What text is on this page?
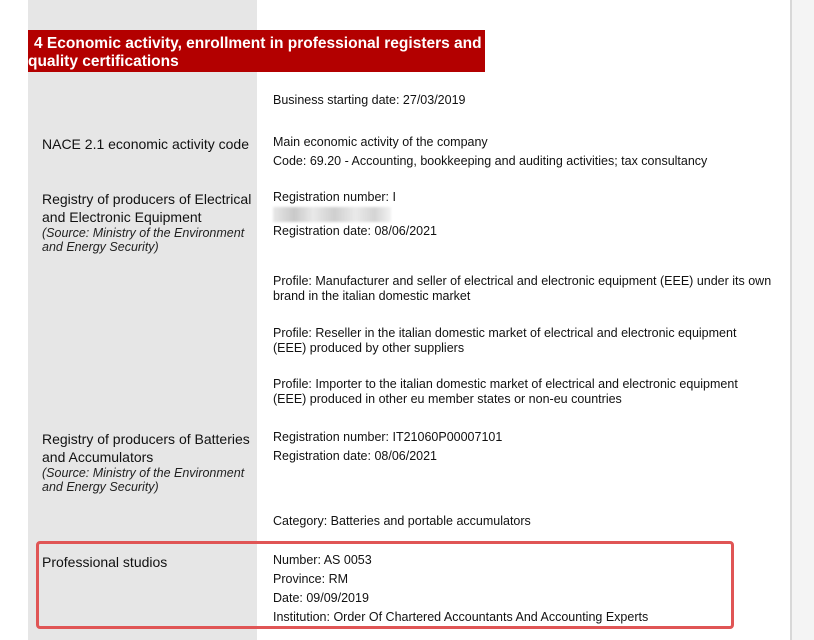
4 Economic activity, enrollment in professional registers and
quality certifications
Business starting date: 27/03/2019
NACE 2.1 economic activity code	Main economic activity of the company
Code: 69.20 - Accounting, bookkeeping and auditing activities; tax consultancy
Registry of producers of Electrical and Electronic Equipment
(Source: Ministry of the Environment and Energy Security)
Registration number: I
Registration date: 08/06/2021
Profile: Manufacturer and seller of electrical and electronic equipment (EEE) under its own brand in the italian domestic market
Profile: Reseller in the italian domestic market of electrical and electronic equipment (EEE) produced by other suppliers
Profile: Importer to the italian domestic market of electrical and electronic equipment (EEE) produced in other eu member states or non-eu countries
Registry of producers of Batteries and Accumulators
(Source: Ministry of the Environment and Energy Security)
Registration number: IT21060P00007101
Registration date: 08/06/2021
Category: Batteries and portable accumulators
Professional studios	Number: AS 0053
Province: RM
Date: 09/09/2019
Institution: Order Of Chartered Accountants And Accounting Experts
